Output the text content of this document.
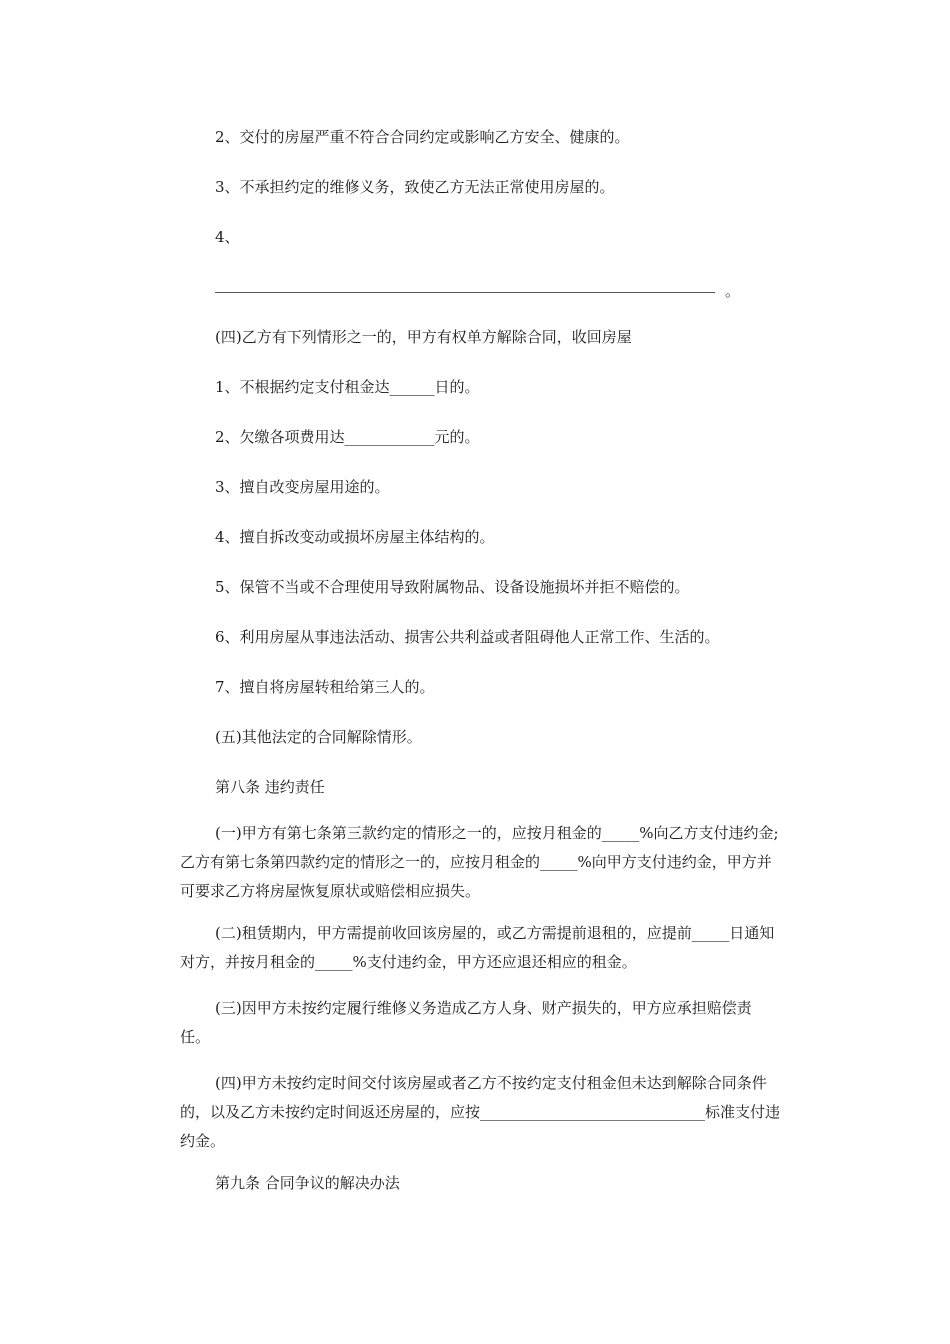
2、交付的房屋严重不符合合同约定或影响乙方安全、健康的。
3、不承担约定的维修义务，致使乙方无法正常使用房屋的。
4、
。
(四)乙方有下列情形之一的，甲方有权单方解除合同，收回房屋
1、不根据约定支付租金达______日的。
2、欠缴各项费用达____________元的。
3、擅自改变房屋用途的。
4、擅自拆改变动或损坏房屋主体结构的。
5、保管不当或不合理使用导致附属物品、设备设施损坏并拒不赔偿的。
6、利用房屋从事违法活动、损害公共利益或者阻碍他人正常工作、生活的。
7、擅自将房屋转租给第三人的。
(五)其他法定的合同解除情形。
第八条 违约责任
(一)甲方有第七条第三款约定的情形之一的，应按月租金的_____%向乙方支付违约金;乙方有第七条第四款约定的情形之一的，应按月租金的_____%向甲方支付违约金，甲方并可要求乙方将房屋恢复原状或赔偿相应损失。
(二)租赁期内，甲方需提前收回该房屋的，或乙方需提前退租的，应提前_____日通知对方，并按月租金的_____%支付违约金，甲方还应退还相应的租金。
(三)因甲方未按约定履行维修义务造成乙方人身、财产损失的，甲方应承担赔偿责任。
(四)甲方未按约定时间交付该房屋或者乙方不按约定支付租金但未达到解除合同条件的，以及乙方未按约定时间返还房屋的，应按______________________________标准支付违约金。
第九条 合同争议的解决办法
